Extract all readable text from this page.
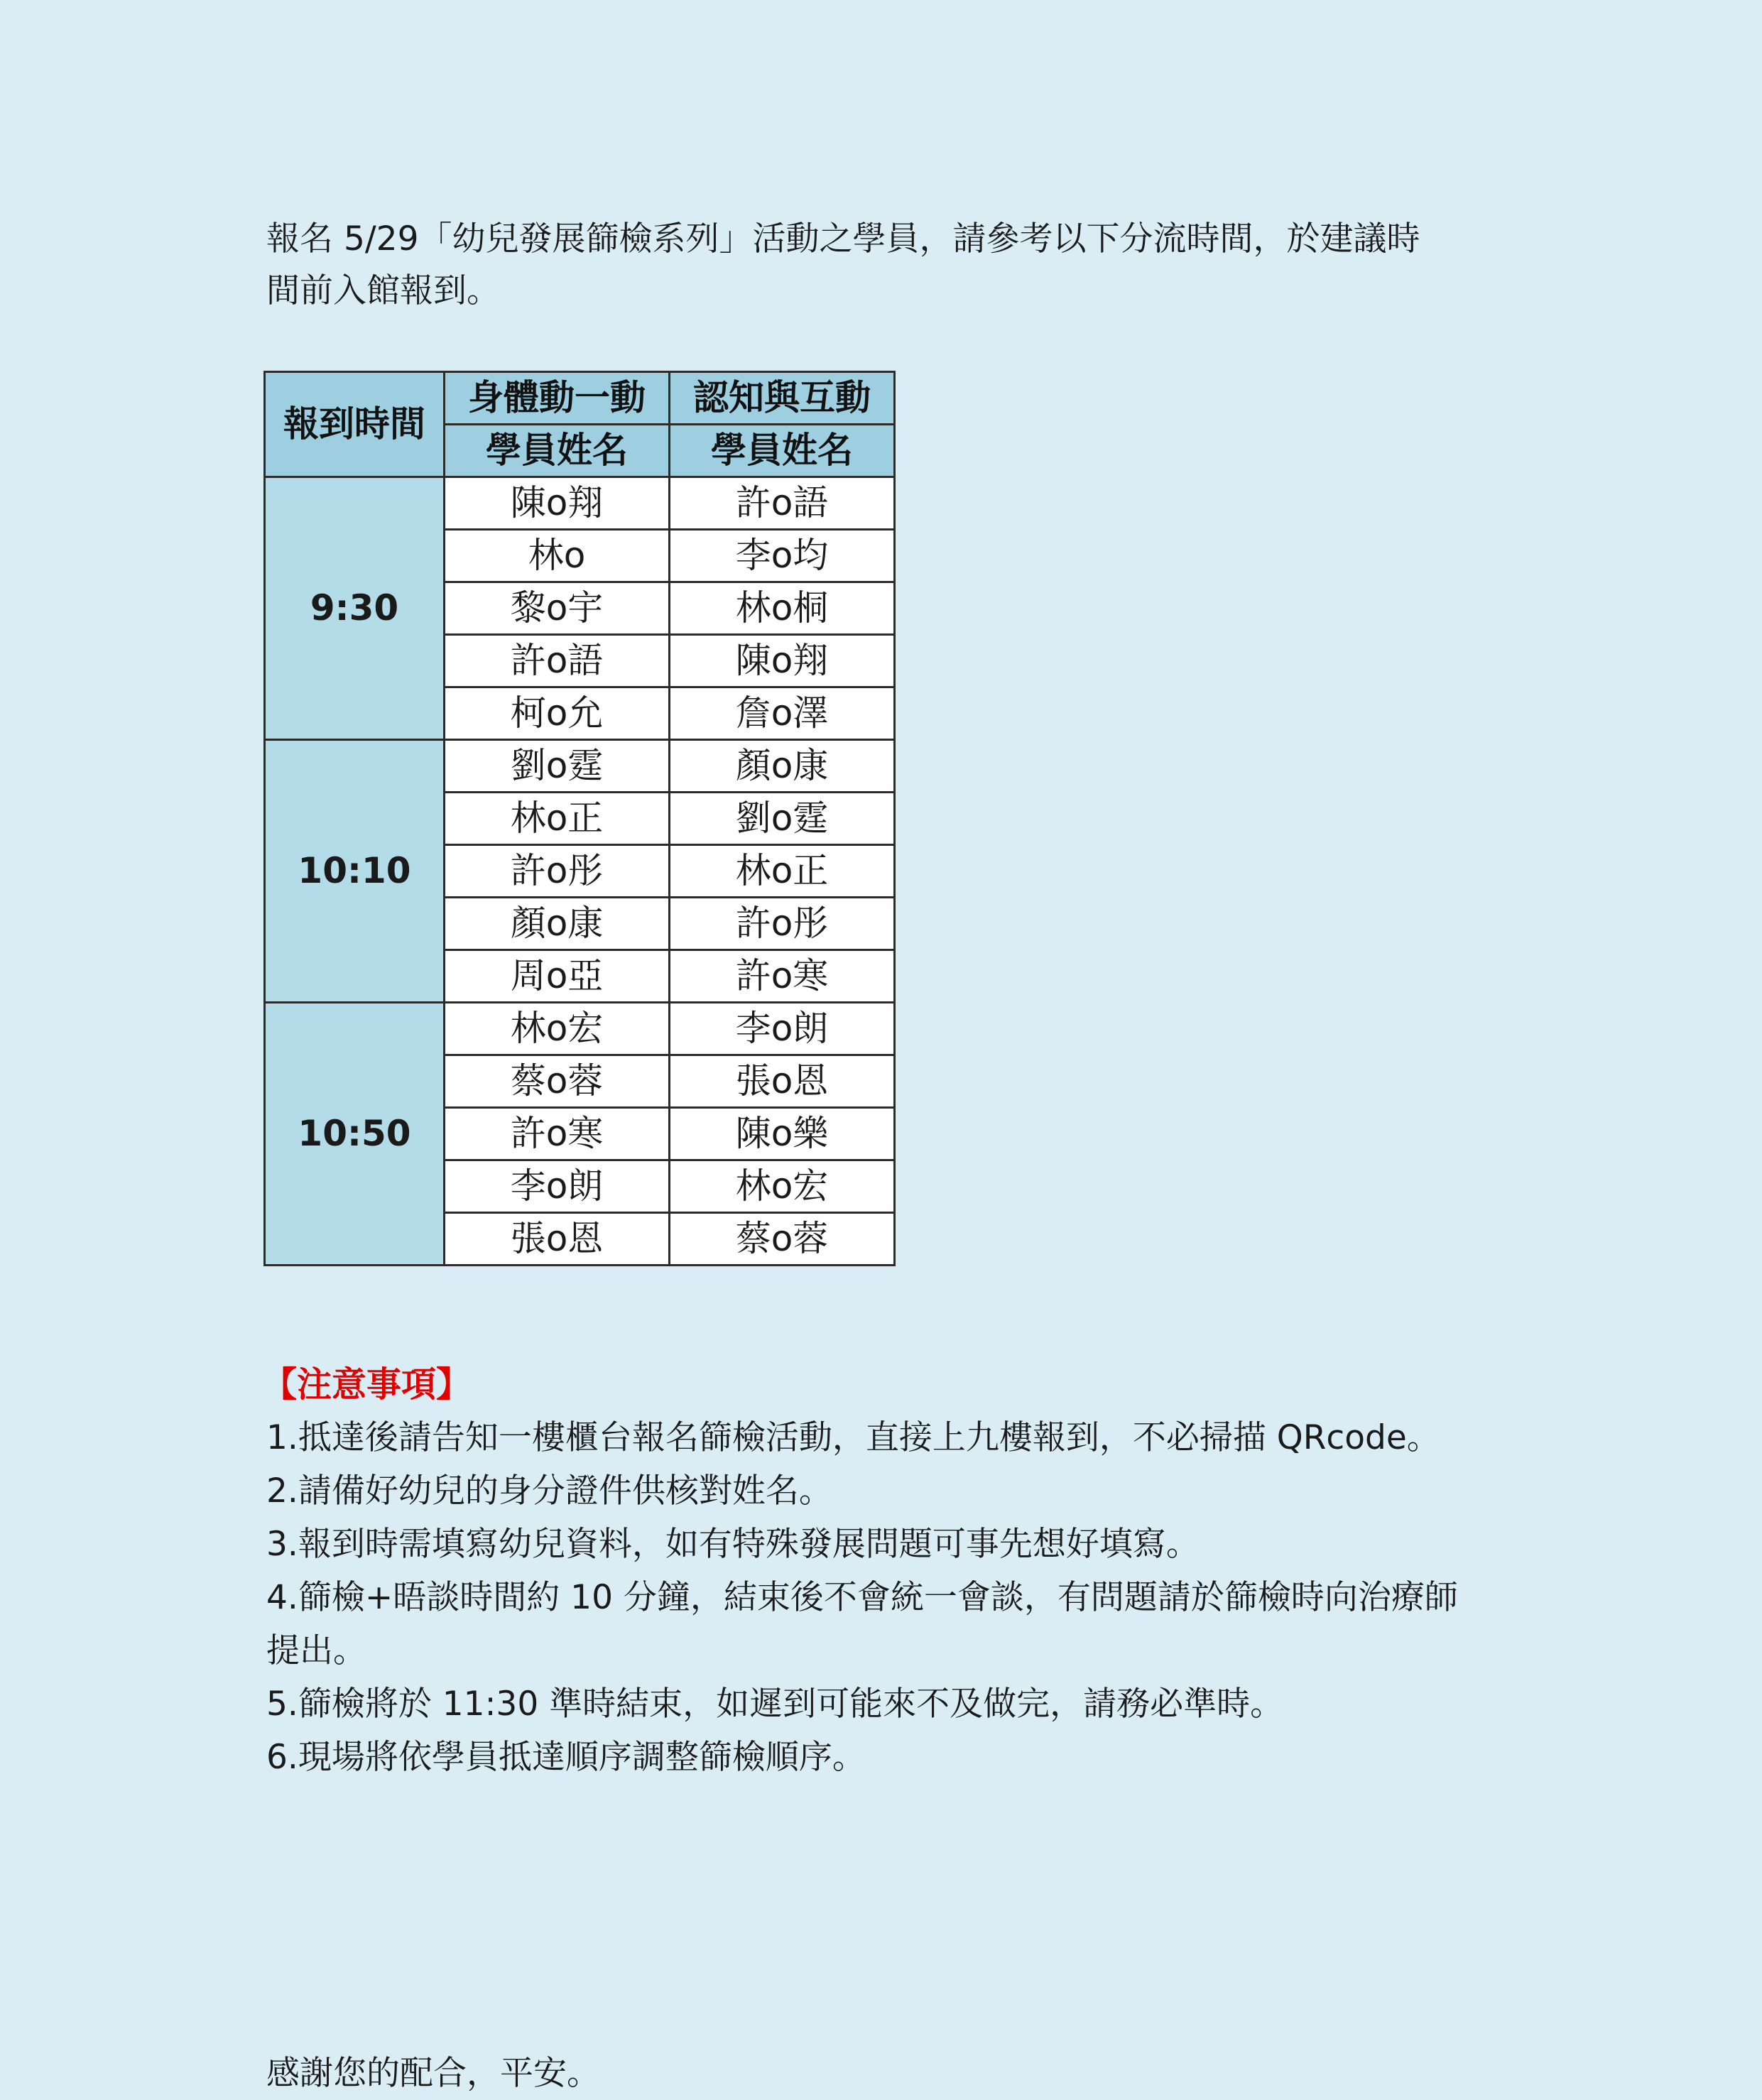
報名 5/29「幼兒發展篩檢系列」活動之學員，請參考以下分流時間，於建議時
間前入館報到。

報到時間	身體動一動	認知與互動
	學員姓名	學員姓名
9:30	陳o翔	許o語
	林o	李o均
	黎o宇	林o桐
	許o語	陳o翔
	柯o允	詹o澤
10:10	劉o霆	顏o康
	林o正	劉o霆
	許o彤	林o正
	顏o康	許o彤
	周o亞	許o寒
10:50	林o宏	李o朗
	蔡o蓉	張o恩
	許o寒	陳o樂
	李o朗	林o宏
	張o恩	蔡o蓉
【注意事項】
1.抵達後請告知一樓櫃台報名篩檢活動，直接上九樓報到，不必掃描 QRcode。
2.請備好幼兒的身分證件供核對姓名。
3.報到時需填寫幼兒資料，如有特殊發展問題可事先想好填寫。
4.篩檢+晤談時間約 10 分鐘，結束後不會統一會談，有問題請於篩檢時向治療師
提出。
5.篩檢將於 11:30 準時結束，如遲到可能來不及做完，請務必準時。
6.現場將依學員抵達順序調整篩檢順序。
感謝您的配合，平安。
